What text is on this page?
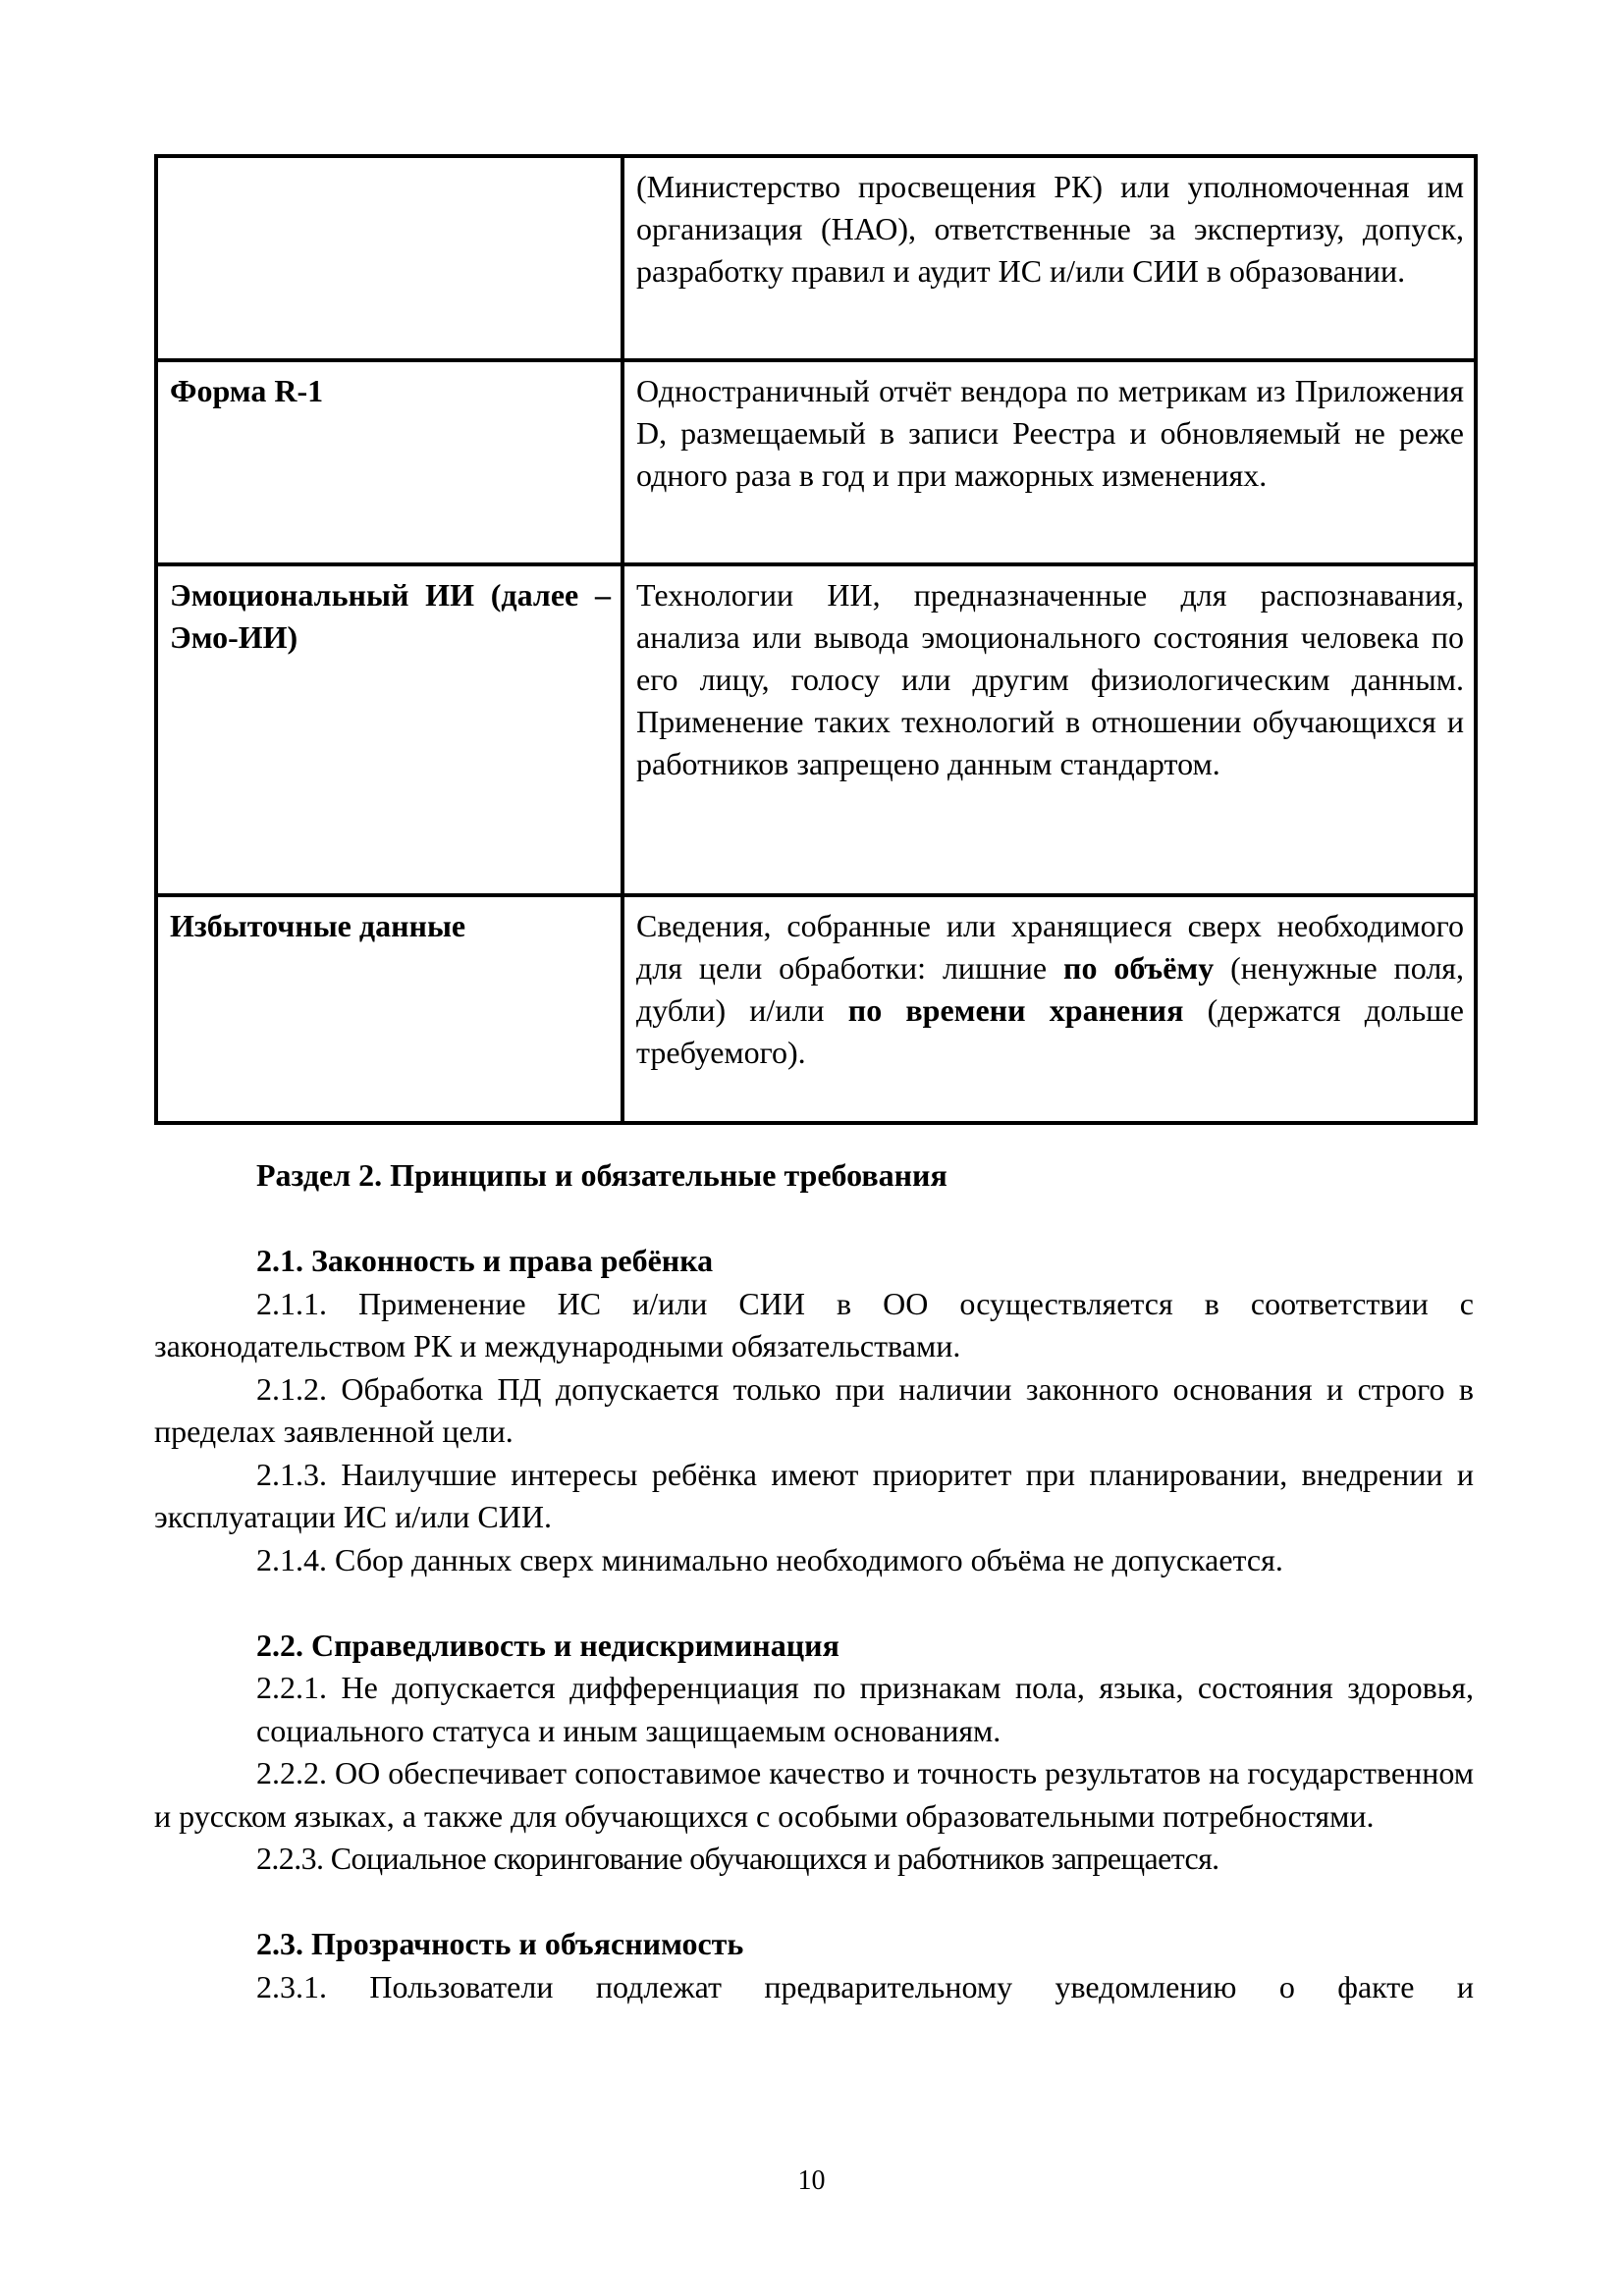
	(Министерство просвещения РК) или уполномоченная им организация (НАО), ответственные за экспертизу, допуск, разработку правил и аудит ИС и/или СИИ в образовании.
Форма R-1	Одностраничный отчёт вендора по метрикам из Приложения D, размещаемый в записи Реестра и обновляемый не реже одного раза в год и при мажорных изменениях.
Эмоциональный ИИ (далее – Эмо-ИИ)	Технологии ИИ, предназначенные для распознавания, анализа или вывода эмоционального состояния человека по его лицу, голосу или другим физиологическим данным. Применение таких технологий в отношении обучающихся и работников запрещено данным стандартом.
Избыточные данные	Сведения, собранные или хранящиеся сверх необходимого для цели обработки: лишние по объёму (ненужные поля, дубли) и/или по времени хранения (держатся дольше требуемого).

Раздел 2. Принципы и обязательные требования

2.1. Законность и права ребёнка

2.1.1. Применение ИС и/или СИИ в ОО осуществляется в соответствии с законодательством РК и международными обязательствами.

2.1.2. Обработка ПД допускается только при наличии законного основания и строго в пределах заявленной цели.

2.1.3. Наилучшие интересы ребёнка имеют приоритет при планировании, внедрении и эксплуатации ИС и/или СИИ.

2.1.4. Сбор данных сверх минимально необходимого объёма не допускается.

2.2. Справедливость и недискриминация

2.2.1. Не допускается дифференциация по признакам пола, языка, состояния здоровья, социального статуса и иным защищаемым основаниям.

2.2.2. ОО обеспечивает сопоставимое качество и точность результатов на государственном и русском языках, а также для обучающихся с особыми образовательными потребностями.

2.2.3. Социальное скорингование обучающихся и работников запрещается.

2.3. Прозрачность и объяснимость

2.3.1. Пользователи подлежат предварительному уведомлению о факте и

10
